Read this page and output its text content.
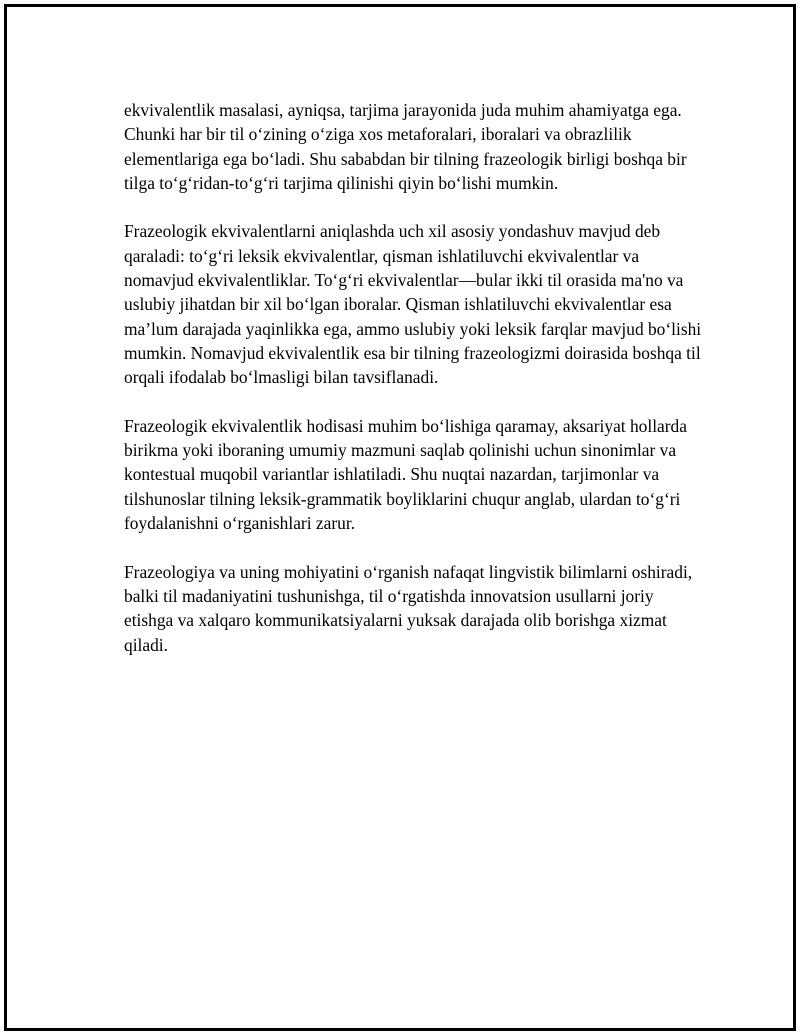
ekvivalentlik masalasi, ayniqsa, tarjima jarayonida juda muhim ahamiyatga ega. Chunki har bir til o‘zining o‘ziga xos metaforalari, iboralari va obrazlilik elementlariga ega bo‘ladi. Shu sababdan bir tilning frazeologik birligi boshqa bir tilga to‘g‘ridan-to‘g‘ri tarjima qilinishi qiyin bo‘lishi mumkin.

Frazeologik ekvivalentlarni aniqlashda uch xil asosiy yondashuv mavjud deb qaraladi: to‘g‘ri leksik ekvivalentlar, qisman ishlatiluvchi ekvivalentlar va nomavjud ekvivalentliklar. To‘g‘ri ekvivalentlar—bular ikki til orasida ma'no va uslubiy jihatdan bir xil bo‘lgan iboralar. Qisman ishlatiluvchi ekvivalentlar esa ma’lum darajada yaqinlikka ega, ammo uslubiy yoki leksik farqlar mavjud bo‘lishi mumkin. Nomavjud ekvivalentlik esa bir tilning frazeologizmi doirasida boshqa til orqali ifodalab bo‘lmasligi bilan tavsiflanadi.

Frazeologik ekvivalentlik hodisasi muhim bo‘lishiga qaramay, aksariyat hollarda birikma yoki iboraning umumiy mazmuni saqlab qolinishi uchun sinonimlar va kontestual muqobil variantlar ishlatiladi. Shu nuqtai nazardan, tarjimonlar va tilshunoslar tilning leksik-grammatik boyliklarini chuqur anglab, ulardan to‘g‘ri foydalanishni o‘rganishlari zarur.

Frazeologiya va uning mohiyatini o‘rganish nafaqat lingvistik bilimlarni oshiradi, balki til madaniyatini tushunishga, til o‘rgatishda innovatsion usullarni joriy etishga va xalqaro kommunikatsiyalarni yuksak darajada olib borishga xizmat qiladi.
